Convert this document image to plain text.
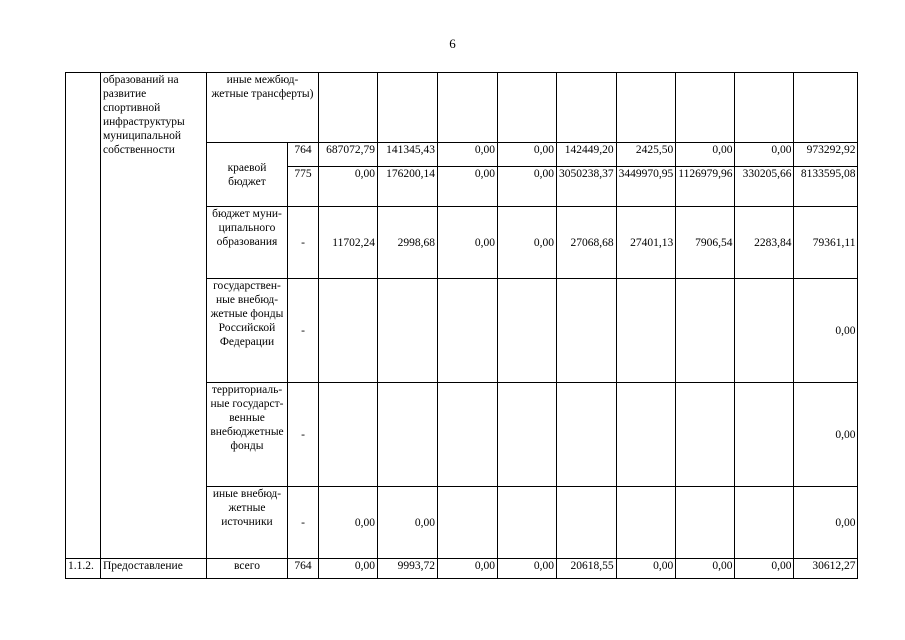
6
	образований на развитие спортивной инфраструктуры муниципальной собственности	иные межбюд-жетные трансферты)										
		краевой бюджет	764	687072,79	141345,43	0,00	0,00	142449,20	2425,50	0,00	0,00	973292,92
			775	0,00	176200,14	0,00	0,00	3050238,37	3449970,95	1126979,96	330205,66	8133595,08
		бюджет муни-ципального образования	-	11702,24	2998,68	0,00	0,00	27068,68	27401,13	7906,54	2283,84	79361,11
		государствен-ные внебюд-жетные фонды Российской Федерации	-									0,00
		территориаль-ные государст-венные внебюджетные фонды	-									0,00
		иные внебюд-жетные источники	-	0,00	0,00							0,00
1.1.2.	Предоставление	всего	764	0,00	9993,72	0,00	0,00	20618,55	0,00	0,00	0,00	30612,27
